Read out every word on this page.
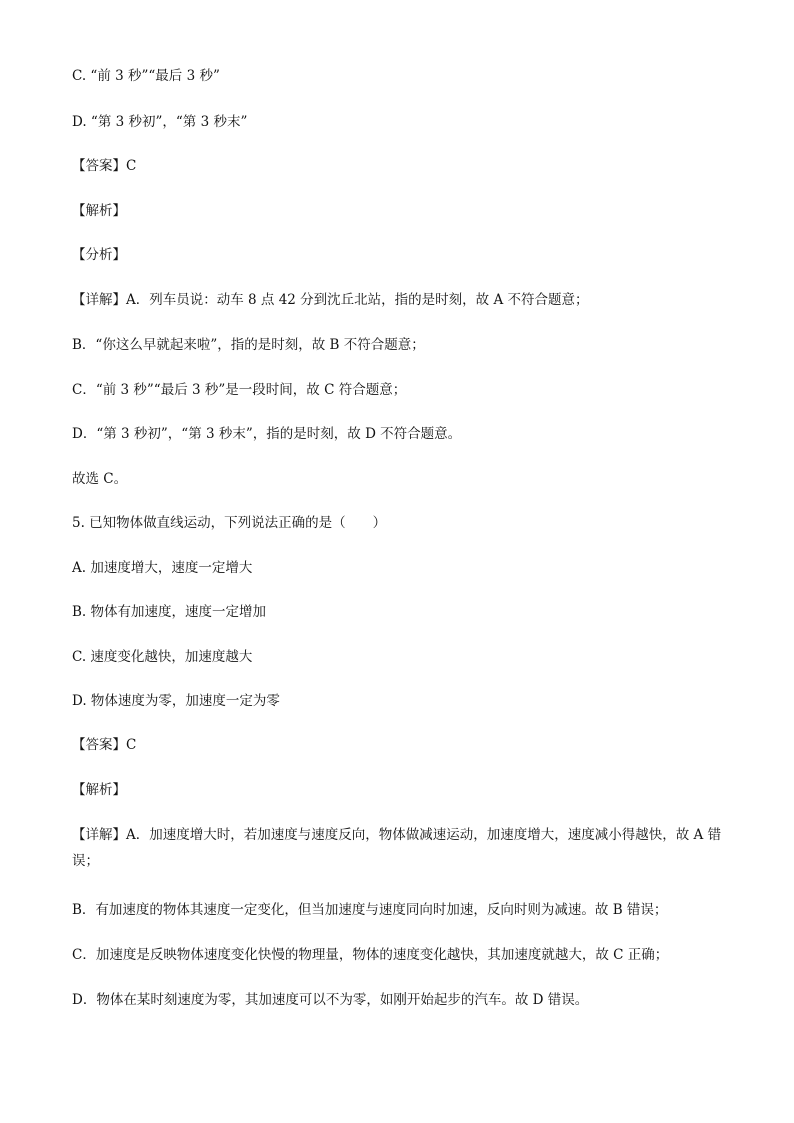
C. “前 3 秒”“最后 3 秒”
D. “第 3 秒初”，“第 3 秒末”
【答案】C
【解析】
【分析】
【详解】A．列车员说：动车 8 点 42 分到沈丘北站，指的是时刻，故 A 不符合题意；
B．“你这么早就起来啦”，指的是时刻，故 B 不符合题意；
C．“前 3 秒”“最后 3 秒”是一段时间，故 C 符合题意；
D．“第 3 秒初”，“第 3 秒末”，指的是时刻，故 D 不符合题意。
故选 C。
5. 已知物体做直线运动，下列说法正确的是（　　）
A. 加速度增大，速度一定增大
B. 物体有加速度，速度一定增加
C. 速度变化越快，加速度越大
D. 物体速度为零，加速度一定为零
【答案】C
【解析】
【详解】A．加速度增大时，若加速度与速度反向，物体做减速运动，加速度增大，速度减小得越快，故 A 错误；
B．有加速度的物体其速度一定变化，但当加速度与速度同向时加速，反向时则为减速。故 B 错误；
C．加速度是反映物体速度变化快慢的物理量，物体的速度变化越快，其加速度就越大，故 C 正确；
D．物体在某时刻速度为零，其加速度可以不为零，如刚开始起步的汽车。故 D 错误。
